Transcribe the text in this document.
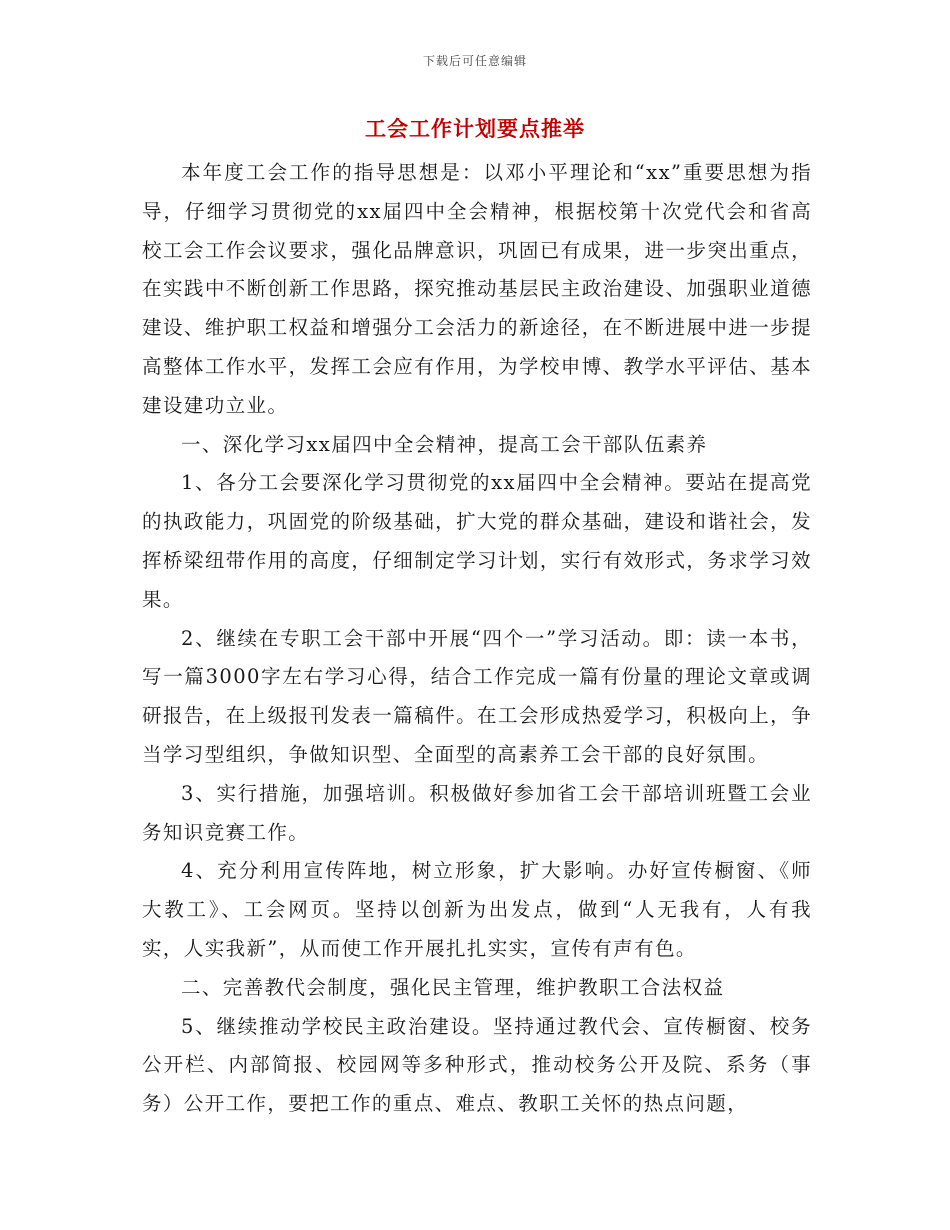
下载后可任意编辑
工会工作计划要点推举

本年度工会工作的指导思想是：以邓小平理论和“xx”重要思想为指导，仔细学习贯彻党的xx届四中全会精神，根据校第十次党代会和省高校工会工作会议要求，强化品牌意识，巩固已有成果，进一步突出重点，在实践中不断创新工作思路，探究推动基层民主政治建设、加强职业道德建设、维护职工权益和增强分工会活力的新途径，在不断进展中进一步提高整体工作水平，发挥工会应有作用，为学校申博、教学水平评估、基本建设建功立业。

一、深化学习xx届四中全会精神，提高工会干部队伍素养

1、各分工会要深化学习贯彻党的xx届四中全会精神。要站在提高党的执政能力，巩固党的阶级基础，扩大党的群众基础，建设和谐社会，发挥桥梁纽带作用的高度，仔细制定学习计划，实行有效形式，务求学习效果。

2、继续在专职工会干部中开展“四个一”学习活动。即：读一本书，写一篇3000字左右学习心得，结合工作完成一篇有份量的理论文章或调研报告，在上级报刊发表一篇稿件。在工会形成热爱学习，积极向上，争当学习型组织，争做知识型、全面型的高素养工会干部的良好氛围。

3、实行措施，加强培训。积极做好参加省工会干部培训班暨工会业务知识竞赛工作。

4、充分利用宣传阵地，树立形象，扩大影响。办好宣传橱窗、《师大教工》、工会网页。坚持以创新为出发点，做到“人无我有，人有我实，人实我新”，从而使工作开展扎扎实实，宣传有声有色。

二、完善教代会制度，强化民主管理，维护教职工合法权益

5、继续推动学校民主政治建设。坚持通过教代会、宣传橱窗、校务公开栏、内部简报、校园网等多种形式，推动校务公开及院、系务（事务）公开工作，要把工作的重点、难点、教职工关怀的热点问题，
